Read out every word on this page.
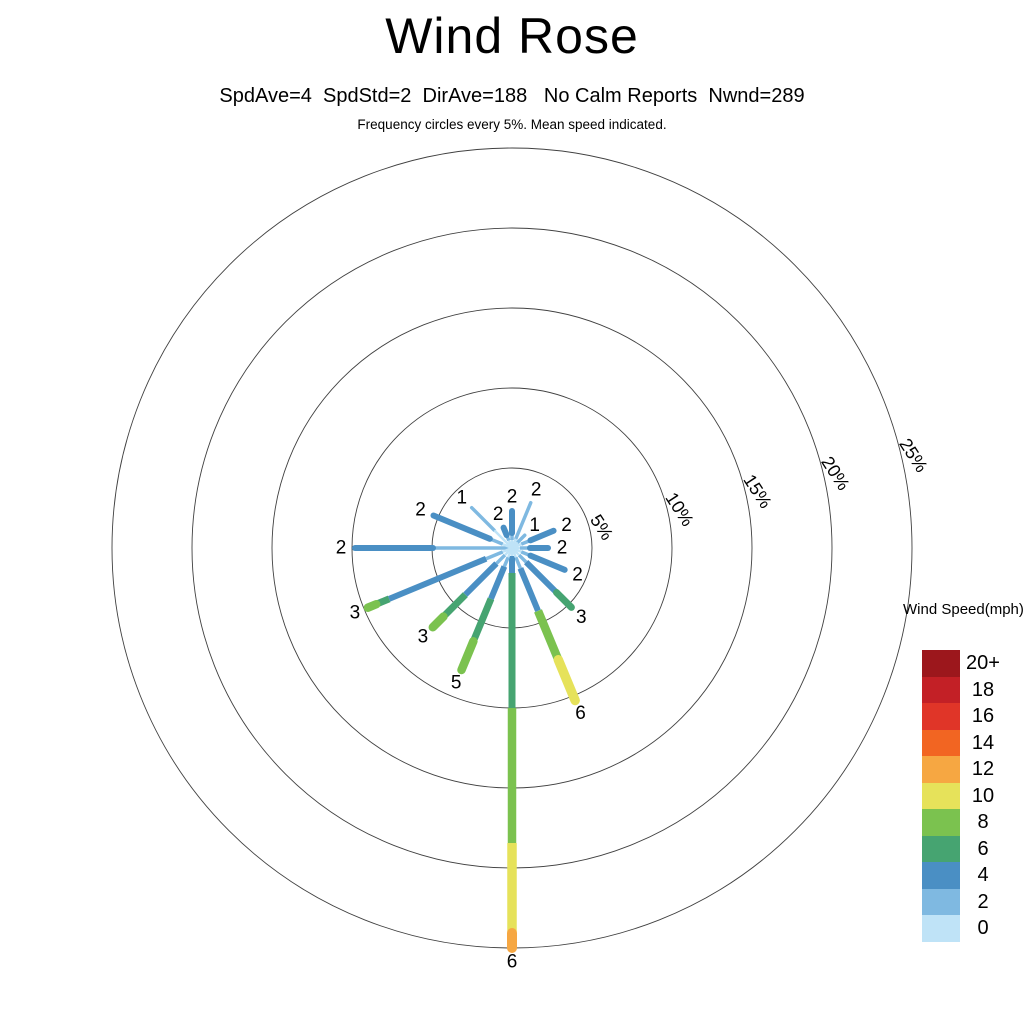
Wind Rose
SpdAve=4  SpdStd=2  DirAve=188   No Calm Reports  Nwnd=289
Frequency circles every 5%. Mean speed indicated.
5% 10% 15% 20% 25%
2 2
1 2
2
2
3
6
6
5
3
3
2
2
1
2
Wind Speed(mph)
20+
18
16
14
12
10
8
6
4
2
0
